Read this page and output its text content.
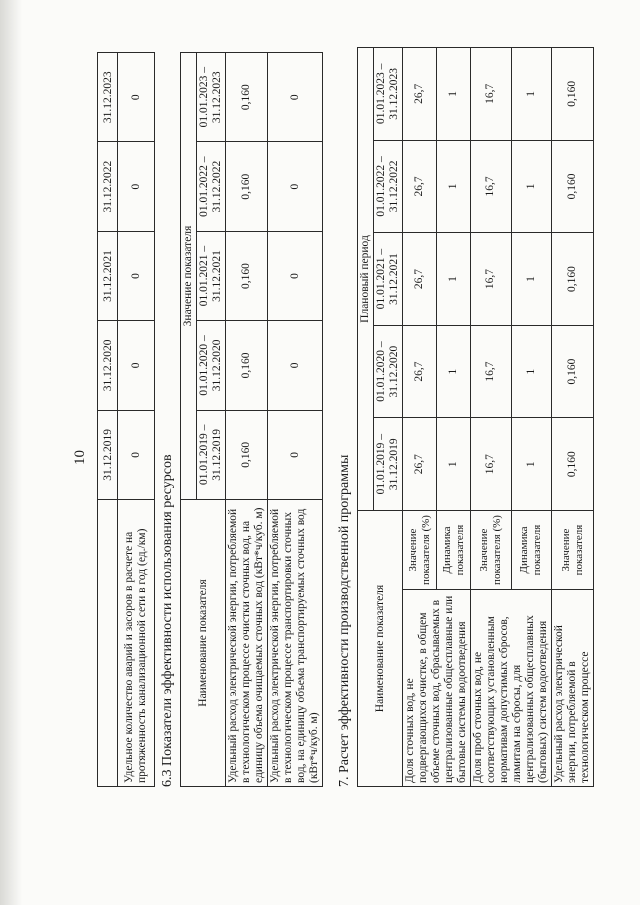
10
	31.12.2019	31.12.2020	31.12.2021	31.12.2022	31.12.2023
Удельное количество аварий и засоров в расчете на протяженность канализационной сети в год (ед./км)	0	0	0	0	0
6.3 Показатели эффективности использования ресурсов Наименование показателя	Значение показателя				
	01.01.2019 – 31.12.2019	01.01.2020 – 31.12.2020	01.01.2021 – 31.12.2021	01.01.2022 – 31.12.2022	01.01.2023 – 31.12.2023
Удельный расход электрической энергии, потребляемой в технологическом процессе очистки сточных вод, на единицу объема очищаемых сточных вод (кВт*ч/куб. м)	0,160	0,160	0,160	0,160	0,160
Удельный расход электрической энергии, потребляемой в технологическом процессе транспортировки сточных вод, на единицу объема транспортируемых сточных вод (кВт*ч/куб. м)	0	0	0	0	0
7. Расчет эффективности производственной программы Наименование показателя		Плановый период				
		01.01.2019 – 31.12.2019	01.01.2020 – 31.12.2020	01.01.2021 – 31.12.2021	01.01.2022 – 31.12.2022	01.01.2023 – 31.12.2023
Доля сточных вод, не подвергающихся очистке, в общем объеме сточных вод, сбрасываемых в централизованные общесплавные или бытовые системы водоотведения	Значение показателя (%)	26,7	26,7	26,7	26,7	26,7
	Динамика показателя	1	1	1	1	1
Доля проб сточных вод, не соответствующих установленным нормативам допустимых сбросов, лимитам на сбросы, для централизованных общесплавных (бытовых) систем водоотведения	Значение показателя (%)	16,7	16,7	16,7	16,7	16,7
	Динамика показателя	1	1	1	1	1
Удельный расход электрической энергии, потребляемой в технологическом процессе	Значение показателя	0,160	0,160	0,160	0,160	0,160
